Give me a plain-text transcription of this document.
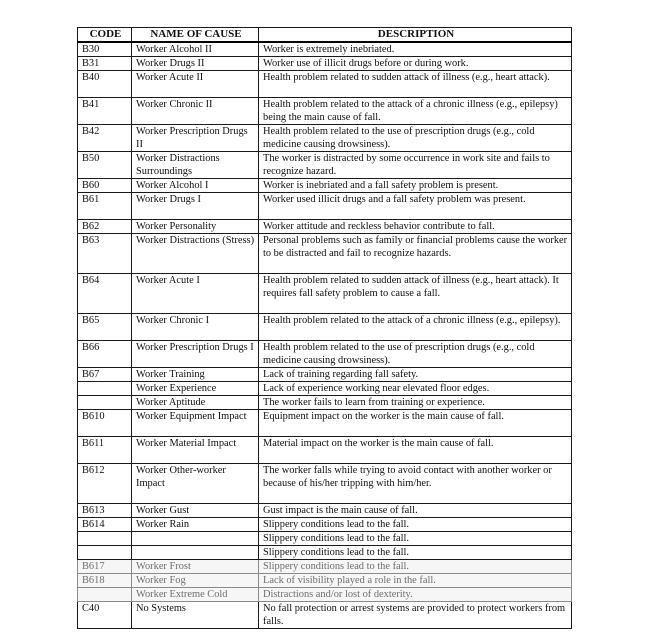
CODE	NAME OF CAUSE	DESCRIPTION
B30	Worker Alcohol II	Worker is extremely inebriated.
B31	Worker Drugs II	Worker use of illicit drugs before or during work.
B40	Worker Acute II	Health problem related to sudden attack of illness (e.g., heart attack).
B41	Worker Chronic II	Health problem related to the attack of a chronic illness (e.g., epilepsy) being the main cause of fall.
B42	Worker Prescription Drugs II	Health problem related to the use of prescription drugs (e.g., cold medicine causing drowsiness).
B50	Worker Distractions Surroundings	The worker is distracted by some occurrence in work site and fails to recognize hazard.
B60	Worker Alcohol I	Worker is inebriated and a fall safety problem is present.
B61	Worker Drugs I	Worker used illicit drugs and a fall safety problem was present.
B62	Worker Personality	Worker attitude and reckless behavior contribute to fall.
B63	Worker Distractions (Stress)	Personal problems such as family or financial problems cause the worker to be distracted and fail to recognize hazards.
B64	Worker Acute I	Health problem related to sudden attack of illness (e.g., heart attack). It requires fall safety problem to cause a fall.
B65	Worker Chronic I	Health problem related to the attack of a chronic illness (e.g., epilepsy).
B66	Worker Prescription Drugs I	Health problem related to the use of prescription drugs (e.g., cold medicine causing drowsiness).
B67	Worker Training	Lack of training regarding fall safety.
	Worker Experience	Lack of experience working near elevated floor edges.
	Worker Aptitude	The worker fails to learn from training or experience.
B610	Worker Equipment Impact	Equipment impact on the worker is the main cause of fall.
B611	Worker Material Impact	Material impact on the worker is the main cause of fall.
B612	Worker Other-worker Impact	The worker falls while trying to avoid contact with another worker or because of his/her tripping with him/her.
B613	Worker Gust	Gust impact is the main cause of fall.
B614	Worker Rain	Slippery conditions lead to the fall.
		Slippery conditions lead to the fall.
		Slippery conditions lead to the fall.
B617	Worker Frost	Slippery conditions lead to the fall.
B618	Worker Fog	Lack of visibility played a role in the fall.
	Worker Extreme Cold	Distractions and/or lost of dexterity.
C40	No Systems	No fall protection or arrest systems are provided to protect workers from falls.
